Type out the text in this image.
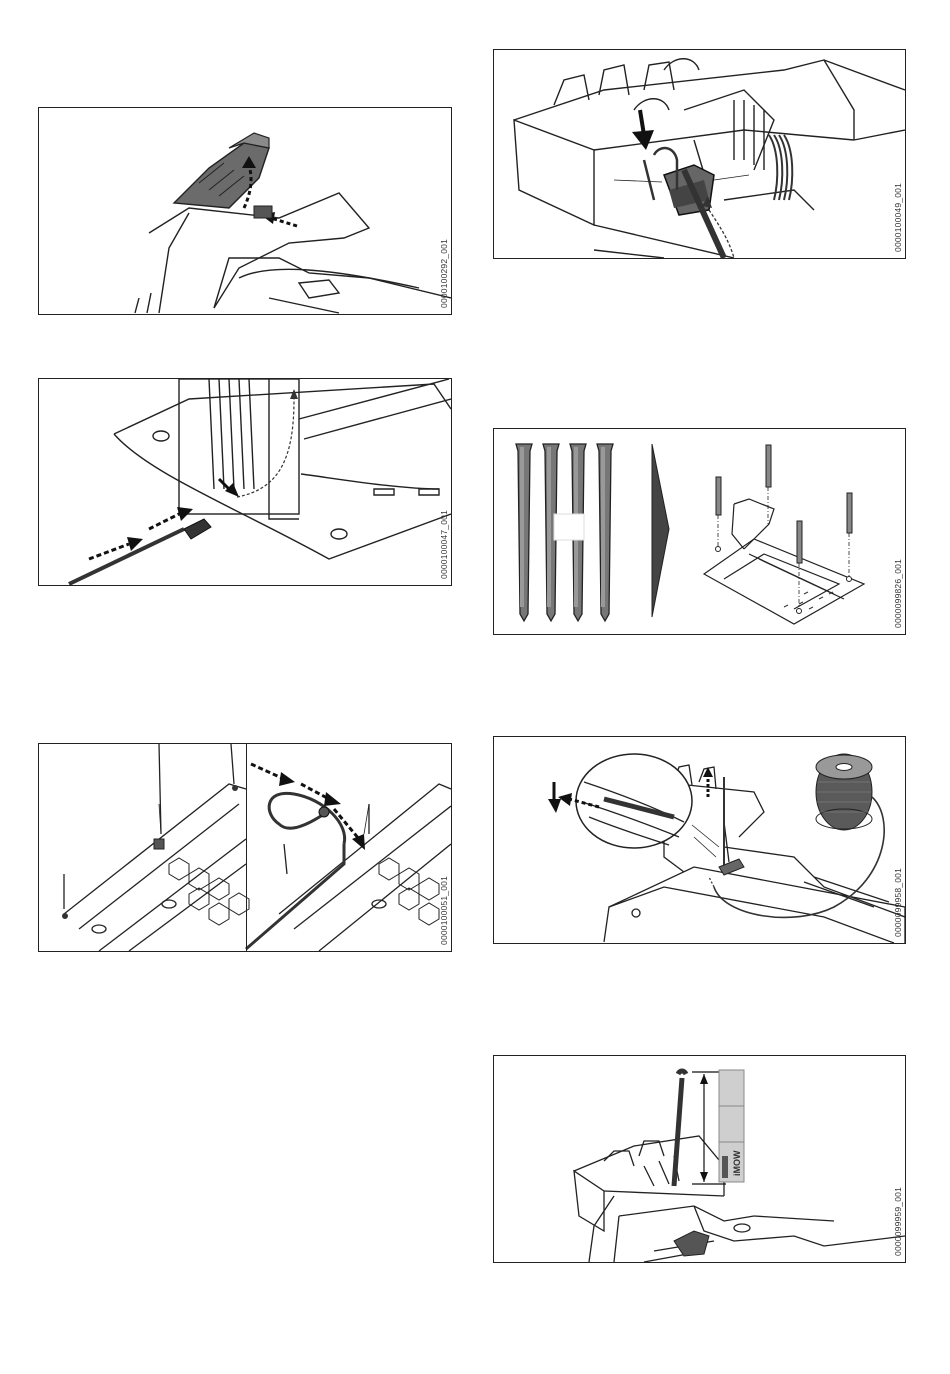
0000100292_001
0000100047_001
0000100051_001
0000100049_001
0000099826_001
0000099958_001
iMOW
0000099959_001
